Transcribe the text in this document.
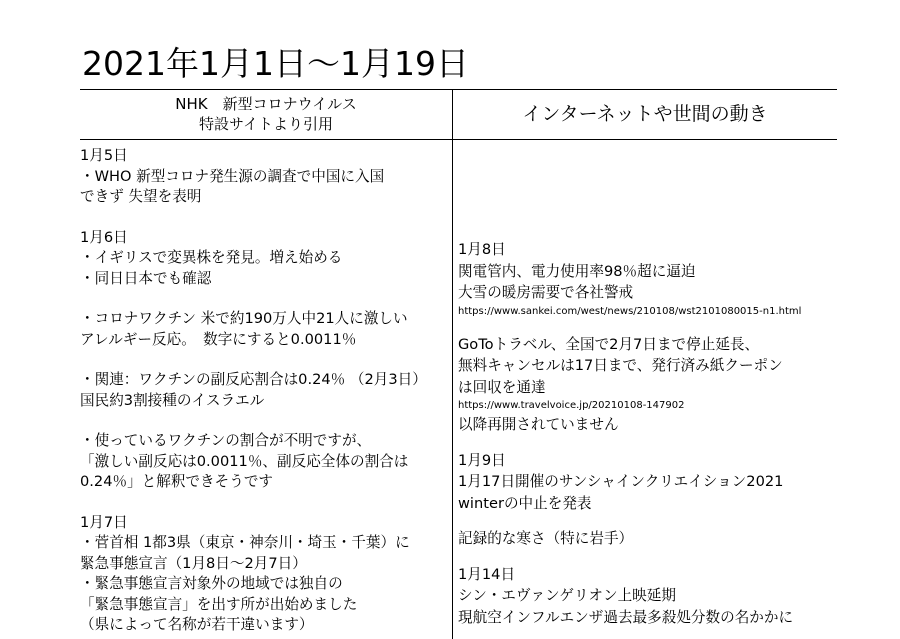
2021年1月1日～1月19日
NHK　新型コロナウイルス
特設サイトより引用	インターネットや世間の動き
1月5日
・WHO 新型コロナ発生源の調査で中国に入国
できず 失望を表明
1月6日
・イギリスで変異株を発見。増え始める
・同日日本でも確認
・コロナワクチン 米で約190万人中21人に激しい
アレルギー反応。　数字にすると0.0011％
・関連：ワクチンの副反応割合は0.24％ （2月3日）
国民約3割接種のイスラエル
・使っているワクチンの割合が不明ですが、
「激しい副反応は0.0011％、副反応全体の割合は
0.24％」と解釈できそうです
1月7日
・菅首相 1都3県（東京・神奈川・埼玉・千葉）に
緊急事態宣言（1月8日～2月7日）
・緊急事態宣言対象外の地域では独自の
「緊急事態宣言」を出す所が出始めました
（県によって名称が若干違います）
1月8日
関電管内、電力使用率98％超に逼迫
大雪の暖房需要で各社警戒
https://www.sankei.com/west/news/210108/wst2101080015-n1.html
GoToトラベル、全国で2月7日まで停止延長、
無料キャンセルは17日まで、発行済み紙クーポン
は回収を通達
https://www.travelvoice.jp/20210108-147902
以降再開されていません
1月9日
1月17日開催のサンシャインクリエイション2021
winterの中止を発表
記録的な寒さ（特に岩手）
1月14日
シン・エヴァンゲリオン上映延期
現航空インフルエンザ過去最多殺処分数の名かかに
